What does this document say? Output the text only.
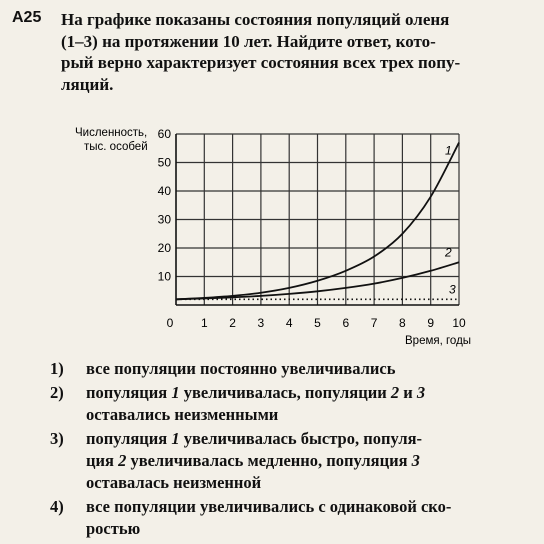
A25 На графике показаны состояния популяций оленя
(1–3) на протяжении 10 лет. Найдите ответ, кото-
рый верно характеризует состояния всех трех попу-
ляций.
Численность,
тыс. особей
Время, годы
0 1 2 3 4 5 6 7 8 9 10
10
20
30
40
50
60
1
2
3
1)	все популяции постоянно увеличивались
2)	популяция 1 увеличивалась, популяции 2 и 3
оставались неизменными
3)	популяция 1 увеличивалась быстро, популя-
ция 2 увеличивалась медленно, популяция 3
оставалась неизменной
4)	все популяции увеличивались с одинаковой ско-
ростью
